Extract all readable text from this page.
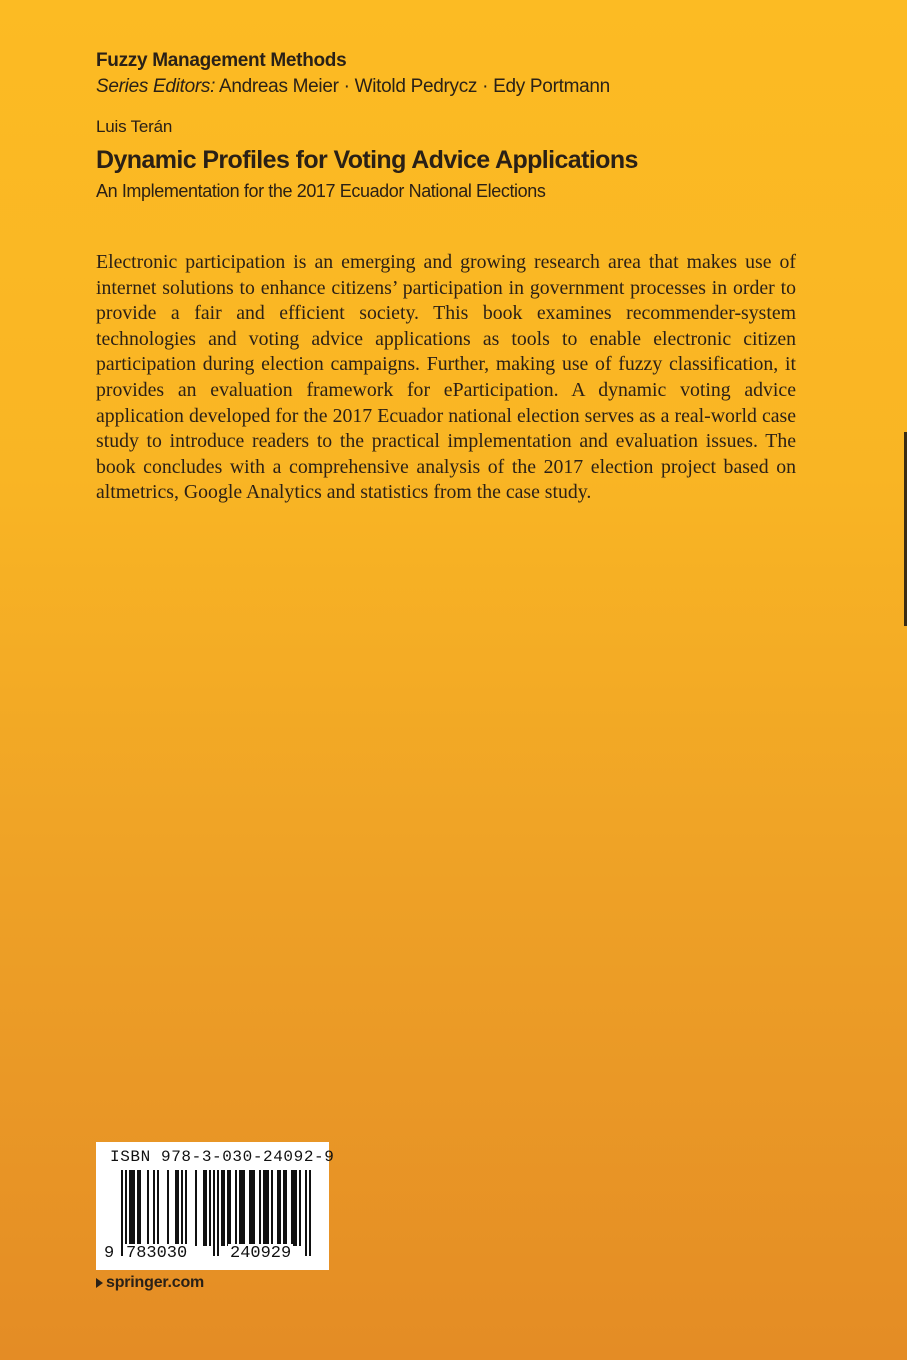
Fuzzy Management Methods
Series Editors: Andreas Meier · Witold Pedrycz · Edy Portmann
Luis Terán
Dynamic Profiles for Voting Advice Applications
An Implementation for the 2017 Ecuador National Elections

Electronic participation is an emerging and growing research area that makes use of internet solutions to enhance citizens’ participation in government processes in order to provide a fair and efficient society. This book examines recommender-system technologies and voting advice applications as tools to enable electronic citizen participation during election campaigns. Further, making use of fuzzy classification, it provides an evaluation framework for eParticipation. A dynamic voting advice application developed for the 2017 Ecuador national election serves as a real-world case study to introduce readers to the practical implementation and evaluation issues. The book concludes with a comprehensive analysis of the 2017 election project based on altmetrics, Google Analytics and statistics from the case study.

ISBN 978-3-030-24092-9
9 783030	240929
springer.com
